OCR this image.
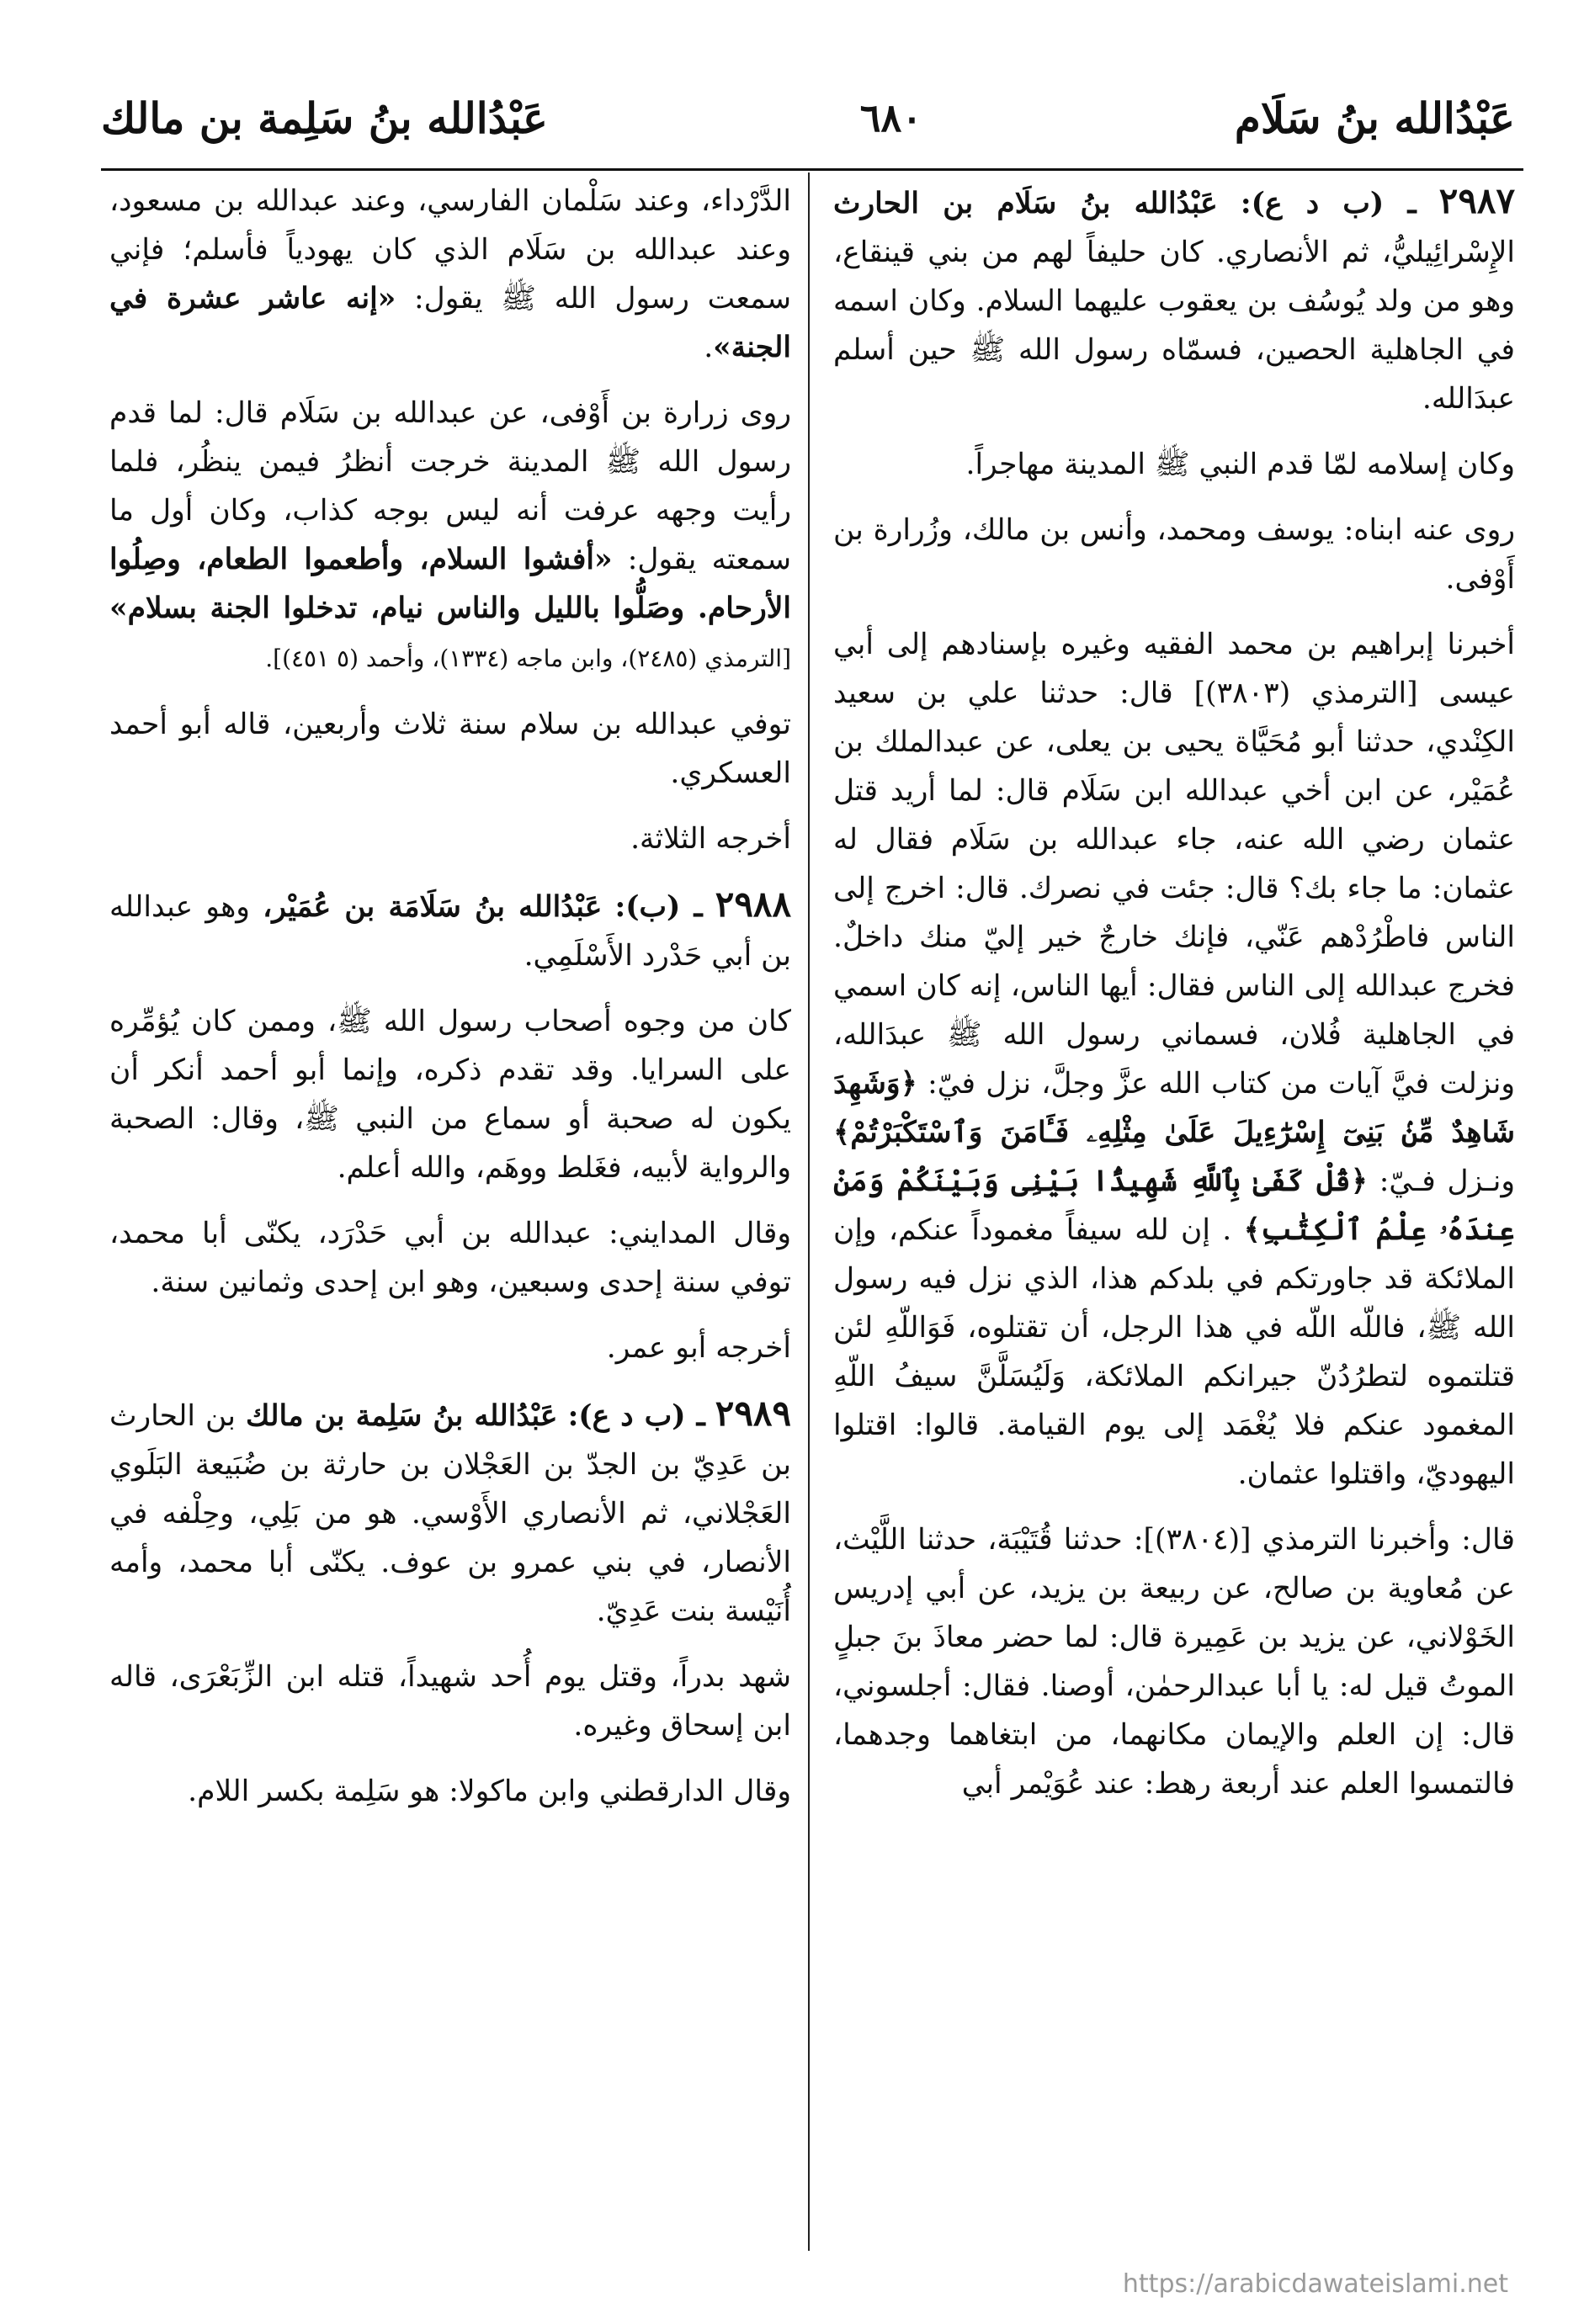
عَبْدُالله بنُ سَلَام
٦٨٠
عَبْدُالله بنُ سَلِمة بن مالك

٢٩٨٧ ـ (ب د ع): عَبْدُالله بنُ سَلَام بن الحارث الإِسْرائِيليُّ، ثم الأنصاري. كان حليفاً لهم من بني قينقاع، وهو من ولد يُوسُف بن يعقوب عليهما السلام. وكان اسمه في الجاهلية الحصين، فسمّاه رسول الله ﷺ حين أسلم عبدَالله.

وكان إسلامه لمّا قدم النبي ﷺ المدينة مهاجراً.

روى عنه ابناه: يوسف ومحمد، وأنس بن مالك، وزُرارة بن أَوْفى.

أخبرنا إبراهيم بن محمد الفقيه وغيره بإسنادهم إلى أبي عيسى [الترمذي (٣٨٠٣)] قال: حدثنا علي بن سعيد الكِنْدي، حدثنا أبو مُحَيَّاة يحيى بن يعلى، عن عبدالملك بن عُمَيْر، عن ابن أخي عبدالله ابن سَلَام قال: لما أريد قتل عثمان رضي الله عنه، جاء عبدالله بن سَلَام فقال له عثمان: ما جاء بك؟ قال: جئت في نصرك. قال: اخرج إلى الناس فاطْرُدْهم عَنّي، فإنك خارجٌ خير إليّ منك داخلٌ. فخرج عبدالله إلى الناس فقال: أيها الناس، إنه كان اسمي في الجاهلية فُلان، فسماني رسول الله ﷺ عبدَالله، ونزلت فيَّ آيات من كتاب الله عزَّ وجلَّ، نزل فيّ: ﴿وَشَهِدَ شَاهِدٌ مِّنۢ بَنِىٓ إِسْرَٰٓءِيلَ عَلَىٰ مِثْلِهِۦ فَـَٔامَنَ وَٱسْتَكْبَرْتُمْ﴾ ونـزل فـيّ: ﴿قُلْ كَفَىٰ بِٱللَّهِ شَهِيدًۢا بَيْنِى وَبَيْنَكُمْ وَمَنْ عِندَهُۥ عِلْمُ ٱلْكِتَٰبِ﴾ . إن لله سيفاً مغموداً عنكم، وإن الملائكة قد جاورتكم في بلدكم هذا، الذي نزل فيه رسول الله ﷺ، فاللّه اللّه في هذا الرجل، أن تقتلوه، فَوَاللّهِ لئن قتلتموه لتطرُدُنّ جيرانكم الملائكة، وَلَيُسَلَّنَّ سيفُ اللّهِ المغمود عنكم فلا يُغْمَد إلى يوم القيامة. قالوا: اقتلوا اليهوديّ، واقتلوا عثمان.

قال: وأخبرنا الترمذي [(٣٨٠٤)]: حدثنا قُتَيْبَة، حدثنا اللَّيْث، عن مُعاوية بن صالح، عن ربيعة بن يزيد، عن أبي إدريس الخَوْلاني، عن يزيد بن عَمِيرة قال: لما حضر معاذَ بنَ جبلٍ الموتُ قيل له: يا أبا عبدالرحمٰن، أوصنا. فقال: أجلسوني، قال: إن العلم والإيمان مكانهما، من ابتغاهما وجدهما، فالتمسوا العلم عند أربعة رهط: عند عُوَيْمر أبي

الدَّرْداء، وعند سَلْمان الفارسي، وعند عبدالله بن مسعود، وعند عبدالله بن سَلَام الذي كان يهودياً فأسلم؛ فإني سمعت رسول الله ﷺ يقول: «إنه عاشر عشرة في الجنة».

روى زرارة بن أَوْفى، عن عبدالله بن سَلَام قال: لما قدم رسول الله ﷺ المدينة خرجت أنظرُ فيمن ينظُر، فلما رأيت وجهه عرفت أنه ليس بوجه كذاب، وكان أول ما سمعته يقول: «أفشوا السلام، وأطعموا الطعام، وصِلُوا الأرحام. وصَلُّوا بالليل والناس نيام، تدخلوا الجنة بسلام» [الترمذي (٢٤٨٥)، وابن ماجه (١٣٣٤)، وأحمد (٥ ٤٥١)].

توفي عبدالله بن سلام سنة ثلاث وأربعين، قاله أبو أحمد العسكري.

أخرجه الثلاثة.

٢٩٨٨ ـ (ب): عَبْدُالله بنُ سَلَامَة بن عُمَيْر، وهو عبدالله بن أبي حَدْرد الأَسْلَمِي.

كان من وجوه أصحاب رسول الله ﷺ، وممن كان يُؤمِّره على السرايا. وقد تقدم ذكره، وإنما أبو أحمد أنكر أن يكون له صحبة أو سماع من النبي ﷺ، وقال: الصحبة والرواية لأبيه، فغَلط ووهَم، والله أعلم.

وقال المدايني: عبدالله بن أبي حَدْرَد، يكنّى أبا محمد، توفي سنة إحدى وسبعين، وهو ابن إحدى وثمانين سنة.

أخرجه أبو عمر.

٢٩٨٩ ـ (ب د ع): عَبْدُالله بنُ سَلِمة بن مالك بن الحارث بن عَدِيّ بن الجدّ بن العَجْلان بن حارثة بن ضُبَيعة البَلَوي العَجْلاني، ثم الأنصاري الأَوْسي. هو من بَلِي، وحِلْفه في الأنصار، في بني عمرو بن عوف. يكنّى أبا محمد، وأمه أُنَيْسة بنت عَدِيّ.

شهد بدراً، وقتل يوم أُحد شهيداً، قتله ابن الزِّبَعْرَى، قاله ابن إسحاق وغيره.

وقال الدارقطني وابن ماكولا: هو سَلِمة بكسر اللام.

https://arabicdawateislami.net
